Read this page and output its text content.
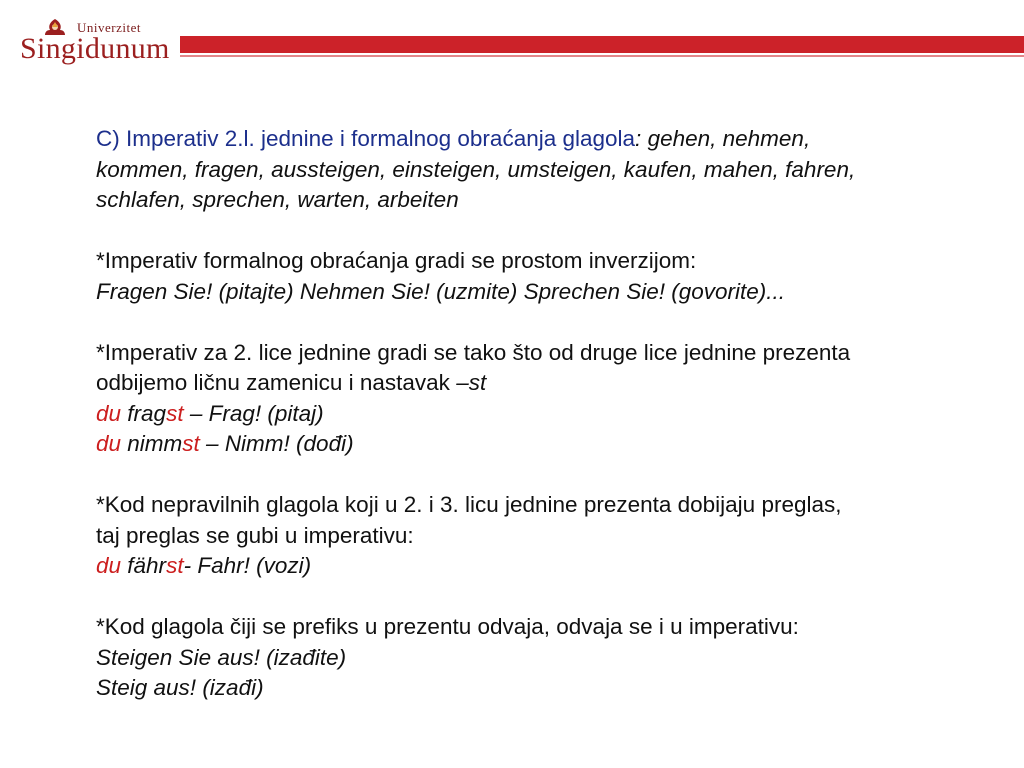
Univerzitet
Singidunum

C) Imperativ 2.l. jednine i formalnog obraćanja glagola: gehen, nehmen,
kommen, fragen, aussteigen, einsteigen, umsteigen, kaufen, mahen, fahren,
schlafen, sprechen, warten, arbeiten

*Imperativ formalnog obraćanja gradi se prostom inverzijom:
Fragen Sie! (pitajte) Nehmen Sie! (uzmite) Sprechen Sie! (govorite)...

*Imperativ za 2. lice jednine gradi se tako što od druge lice jednine prezenta
odbijemo ličnu zamenicu i nastavak –st
du fragst – Frag! (pitaj)
du nimmst – Nimm! (dođi)

*Kod nepravilnih glagola koji u 2. i 3. licu jednine prezenta dobijaju preglas,
taj preglas se gubi u imperativu:
du fährst- Fahr! (vozi)

*Kod glagola čiji se prefiks u prezentu odvaja, odvaja se i u imperativu:
Steigen Sie aus! (izađite)
Steig aus! (izađi)
